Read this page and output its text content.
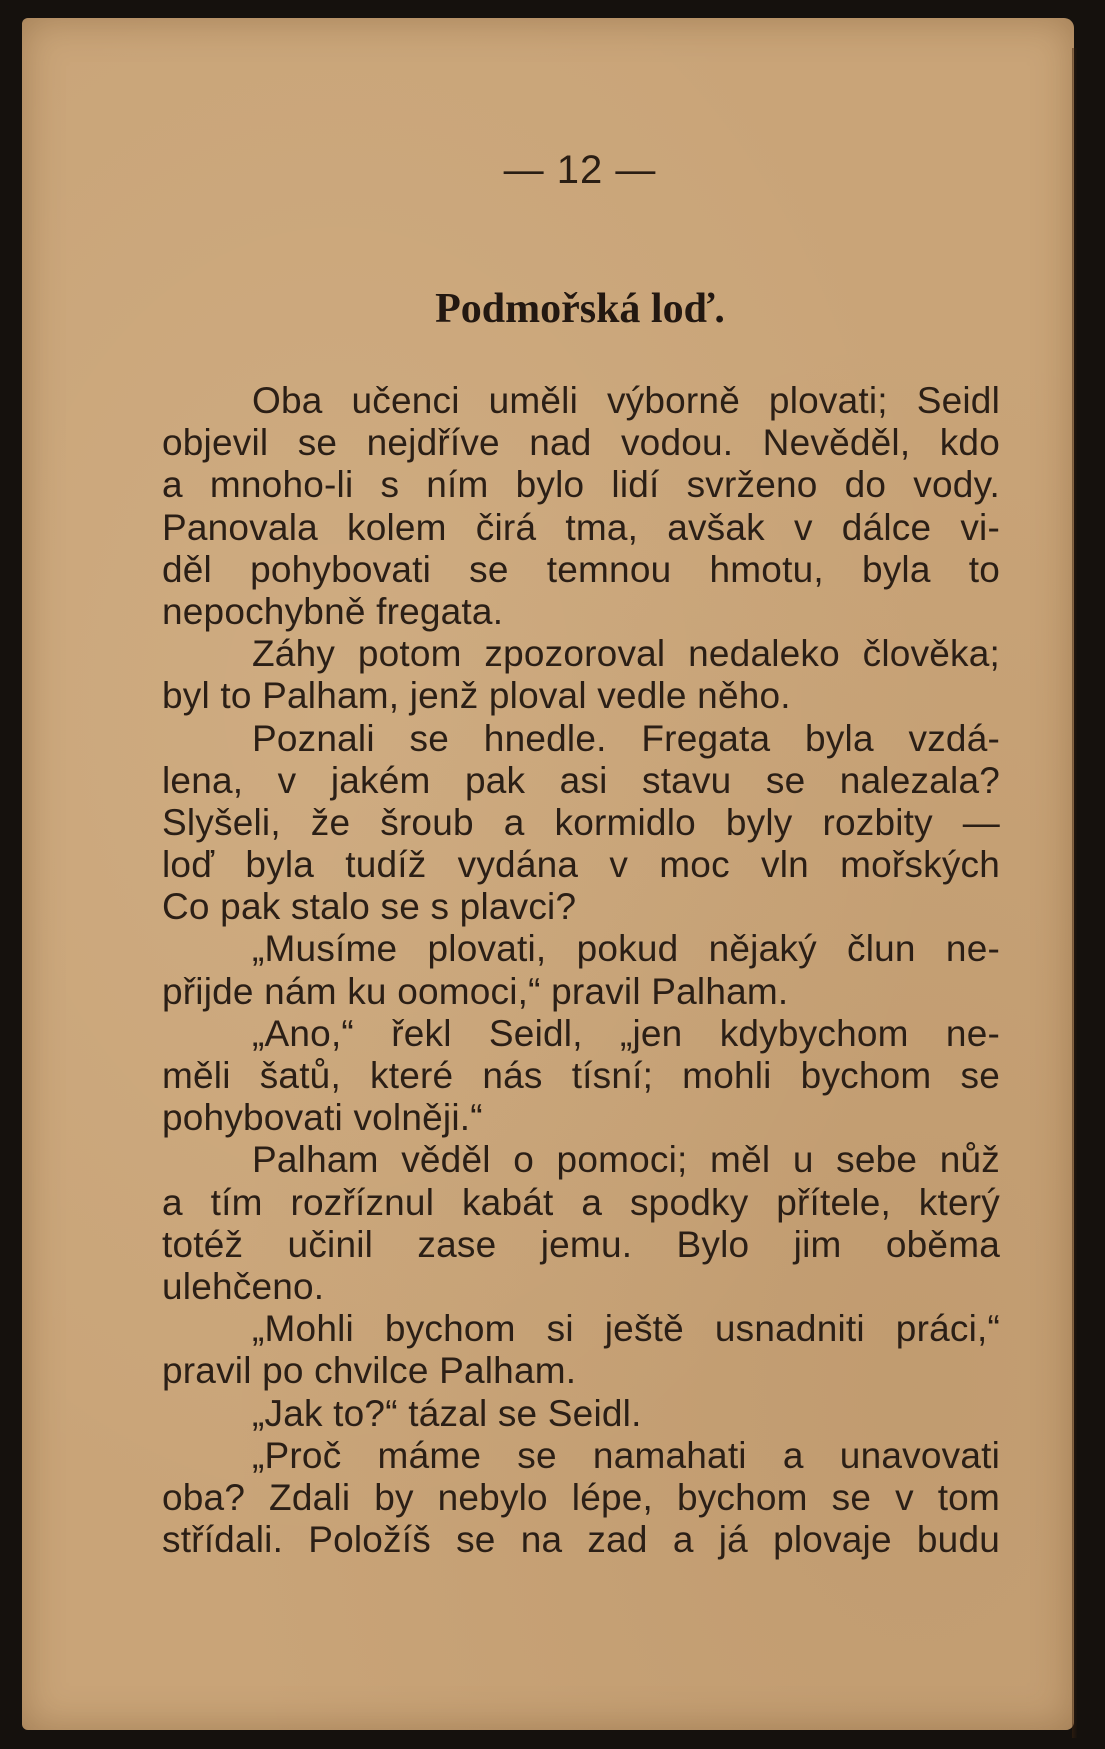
— 12 —
Podmořská loď.
Oba učenci uměli výborně plovati; Seidl
objevil se nejdříve nad vodou. Nevěděl, kdo
a mnoho-li s ním bylo lidí svrženo do vody.
Panovala kolem čirá tma, avšak v dálce vi-
děl pohybovati se temnou hmotu, byla to
nepochybně fregata.
Záhy potom zpozoroval nedaleko člověka;
byl to Palham, jenž ploval vedle něho.
Poznali se hnedle. Fregata byla vzdá-
lena, v jakém pak asi stavu se nalezala?
Slyšeli, že šroub a kormidlo byly rozbity —
loď byla tudíž vydána v moc vln mořských
Co pak stalo se s plavci?
„Musíme plovati, pokud nějaký člun ne-
přijde nám ku oomoci,“ pravil Palham.
„Ano,“ řekl Seidl, „jen kdybychom ne-
měli šatů, které nás tísní; mohli bychom se
pohybovati volněji.“
Palham věděl o pomoci; měl u sebe nůž
a tím rozříznul kabát a spodky přítele, který
totéž učinil zase jemu. Bylo jim oběma
ulehčeno.
„Mohli bychom si ještě usnadniti práci,“
pravil po chvilce Palham.
„Jak to?“ tázal se Seidl.
„Proč máme se namahati a unavovati
oba? Zdali by nebylo lépe, bychom se v tom
střídali. Položíš se na zad a já plovaje budu
